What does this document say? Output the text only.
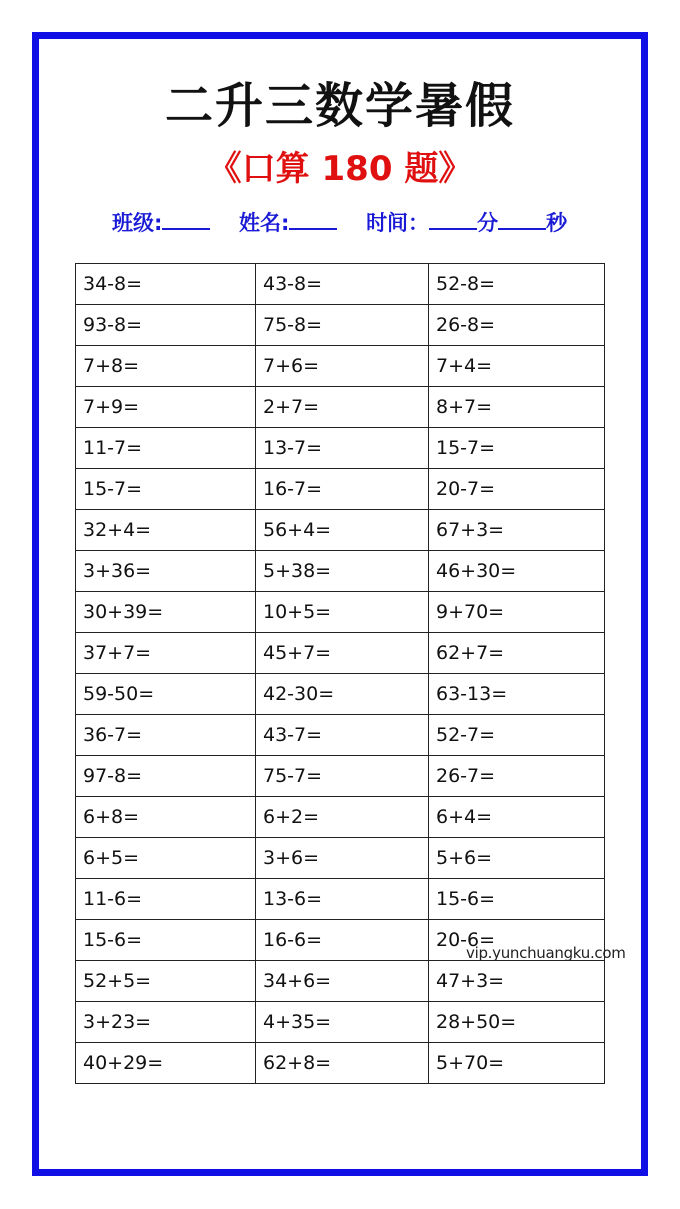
二升三数学暑假
《口算 180 题》
班级:	姓名:	时间： 分 秒
34-8=	43-8=	52-8=
93-8=	75-8=	26-8=
7+8=	7+6=	7+4=
7+9=	2+7=	8+7=
11-7=	13-7=	15-7=
15-7=	16-7=	20-7=
32+4=	56+4=	67+3=
3+36=	5+38=	46+30=
30+39=	10+5=	9+70=
37+7=	45+7=	62+7=
59-50=	42-30=	63-13=
36-7=	43-7=	52-7=
97-8=	75-7=	26-7=
6+8=	6+2=	6+4=
6+5=	3+6=	5+6=
11-6=	13-6=	15-6=
15-6=	16-6=	20-6=
52+5=	34+6=	47+3=
3+23=	4+35=	28+50=
40+29=	62+8=	5+70=
vip.yunchuangku.com
